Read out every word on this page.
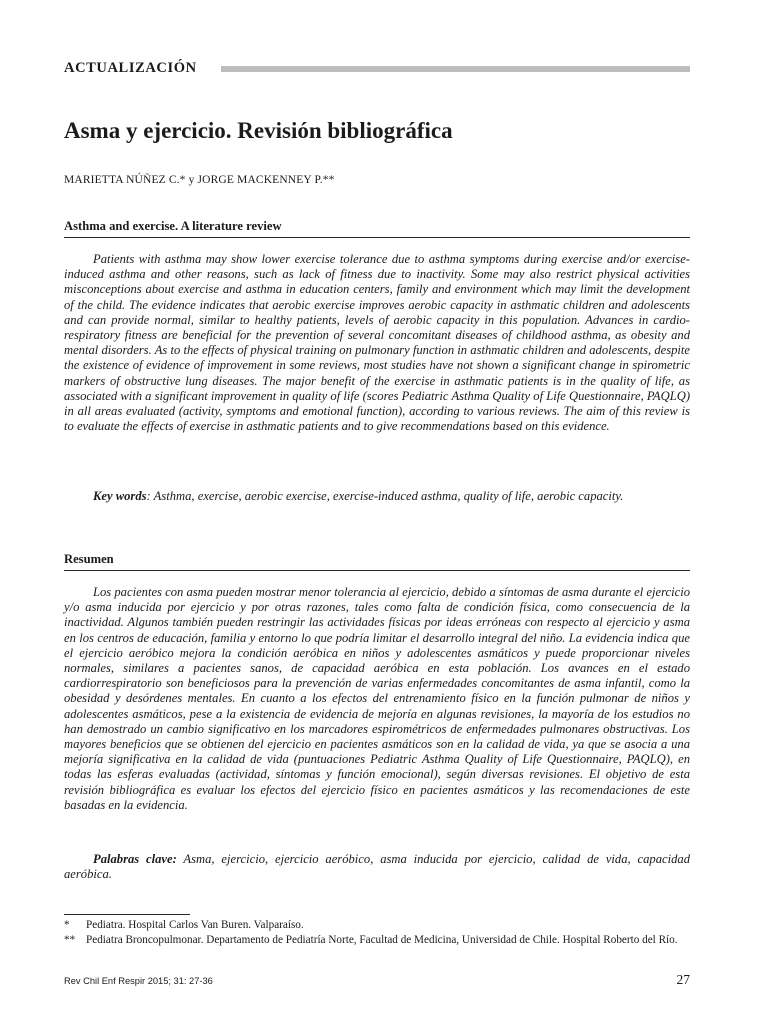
ACTUALIZACIÓN
Asma y ejercicio. Revisión bibliográfica
MARIETTA NÚÑEZ C.* y JORGE MACKENNEY P.**
Asthma and exercise. A literature review

Patients with asthma may show lower exercise tolerance due to asthma symptoms during exercise and/or exercise-induced asthma and other reasons, such as lack of fitness due to inactivity. Some may also restrict physical activities misconceptions about exercise and asthma in education centers, family and environment which may limit the development of the child. The evidence indicates that aerobic exercise improves aerobic capacity in asthmatic children and adolescents and can provide normal, similar to healthy patients, levels of aerobic capacity in this population. Advances in cardio-respiratory fitness are beneficial for the prevention of several concomitant diseases of childhood asthma, as obesity and mental disorders. As to the effects of physical training on pulmonary function in asthmatic children and adolescents, despite the existence of evidence of improvement in some reviews, most studies have not shown a significant change in spirometric markers of obstructive lung diseases. The major benefit of the exercise in asthmatic patients is in the quality of life, as associated with a significant improvement in quality of life (scores Pediatric Asthma Quality of Life Questionnaire, PAQLQ) in all areas evaluated (activity, symptoms and emotional function), according to various reviews. The aim of this review is to evaluate the effects of exercise in asthmatic patients and to give recommendations based on this evidence.

Key words: Asthma, exercise, aerobic exercise, exercise-induced asthma, quality of life, aerobic capacity.

Resumen

Los pacientes con asma pueden mostrar menor tolerancia al ejercicio, debido a síntomas de asma durante el ejercicio y/o asma inducida por ejercicio y por otras razones, tales como falta de condición física, como consecuencia de la inactividad. Algunos también pueden restringir las actividades físicas por ideas erróneas con respecto al ejercicio y asma en los centros de educación, familia y entorno lo que podría limitar el desarrollo integral del niño. La evidencia indica que el ejercicio aeróbico mejora la condición aeróbica en niños y adolescentes asmáticos y puede proporcionar niveles normales, similares a pacientes sanos, de capacidad aeróbica en esta población. Los avances en el estado cardiorrespiratorio son beneficiosos para la prevención de varias enfermedades concomitantes de asma infantil, como la obesidad y desórdenes mentales. En cuanto a los efectos del entrenamiento físico en la función pulmonar de niños y adolescentes asmáticos, pese a la existencia de evidencia de mejoría en algunas revisiones, la mayoría de los estudios no han demostrado un cambio significativo en los marcadores espirométricos de enfermedades pulmonares obstructivas. Los mayores beneficios que se obtienen del ejercicio en pacientes asmáticos son en la calidad de vida, ya que se asocia a una mejoría significativa en la calidad de vida (puntuaciones Pediatric Asthma Quality of Life Questionnaire, PAQLQ), en todas las esferas evaluadas (actividad, síntomas y función emocional), según diversas revisiones. El objetivo de esta revisión bibliográfica es evaluar los efectos del ejercicio físico en pacientes asmáticos y las recomendaciones de este basadas en la evidencia.

Palabras clave: Asma, ejercicio, ejercicio aeróbico, asma inducida por ejercicio, calidad de vida, capacidad aeróbica.

*	Pediatra. Hospital Carlos Van Buren. Valparaíso.
** Pediatra Broncopulmonar. Departamento de Pediatría Norte, Facultad de Medicina, Universidad de Chile. Hospital Roberto del Río.
Rev Chil Enf Respir 2015; 31: 27-36	27
